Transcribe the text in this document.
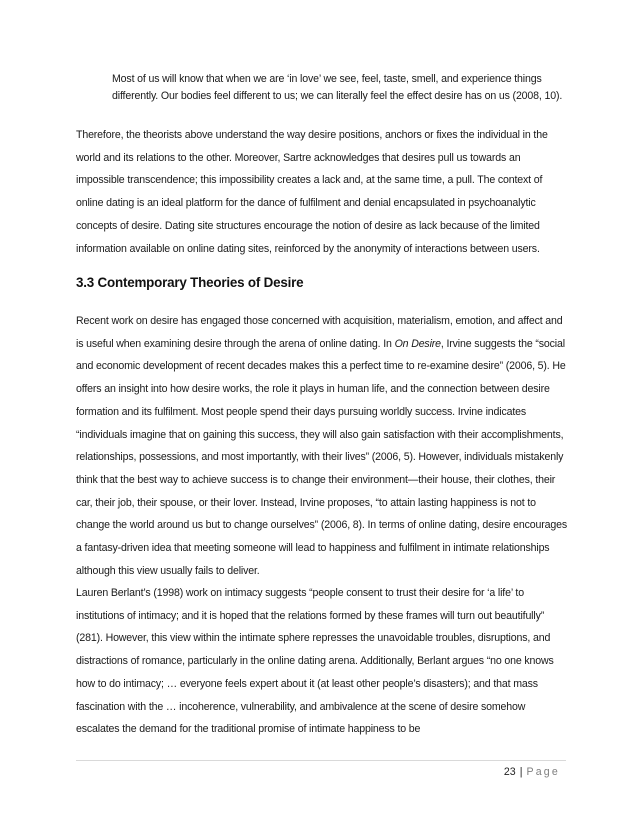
Most of us will know that when we are ‘in love’ we see, feel, taste, smell, and experience things differently. Our bodies feel different to us; we can literally feel the effect desire has on us (2008, 10).
Therefore, the theorists above understand the way desire positions, anchors or fixes the individual in the world and its relations to the other. Moreover, Sartre acknowledges that desires pull us towards an impossible transcendence; this impossibility creates a lack and, at the same time, a pull. The context of online dating is an ideal platform for the dance of fulfilment and denial encapsulated in psychoanalytic concepts of desire. Dating site structures encourage the notion of desire as lack because of the limited information available on online dating sites, reinforced by the anonymity of interactions between users.
3.3 Contemporary Theories of Desire
Recent work on desire has engaged those concerned with acquisition, materialism, emotion, and affect and is useful when examining desire through the arena of online dating. In On Desire, Irvine suggests the “social and economic development of recent decades makes this a perfect time to re-examine desire” (2006, 5). He offers an insight into how desire works, the role it plays in human life, and the connection between desire formation and its fulfilment. Most people spend their days pursuing worldly success. Irvine indicates “individuals imagine that on gaining this success, they will also gain satisfaction with their accomplishments, relationships, possessions, and most importantly, with their lives” (2006, 5). However, individuals mistakenly think that the best way to achieve success is to change their environment—their house, their clothes, their car, their job, their spouse, or their lover. Instead, Irvine proposes, “to attain lasting happiness is not to change the world around us but to change ourselves” (2006, 8). In terms of online dating, desire encourages a fantasy-driven idea that meeting someone will lead to happiness and fulfilment in intimate relationships although this view usually fails to deliver.
Lauren Berlant’s (1998) work on intimacy suggests “people consent to trust their desire for ‘a life’ to institutions of intimacy; and it is hoped that the relations formed by these frames will turn out beautifully” (281). However, this view within the intimate sphere represses the unavoidable troubles, disruptions, and distractions of romance, particularly in the online dating arena. Additionally, Berlant argues “no one knows how to do intimacy; … everyone feels expert about it (at least other people’s disasters); and that mass fascination with the … incoherence, vulnerability, and ambivalence at the scene of desire somehow escalates the demand for the traditional promise of intimate happiness to be
23 | Page
